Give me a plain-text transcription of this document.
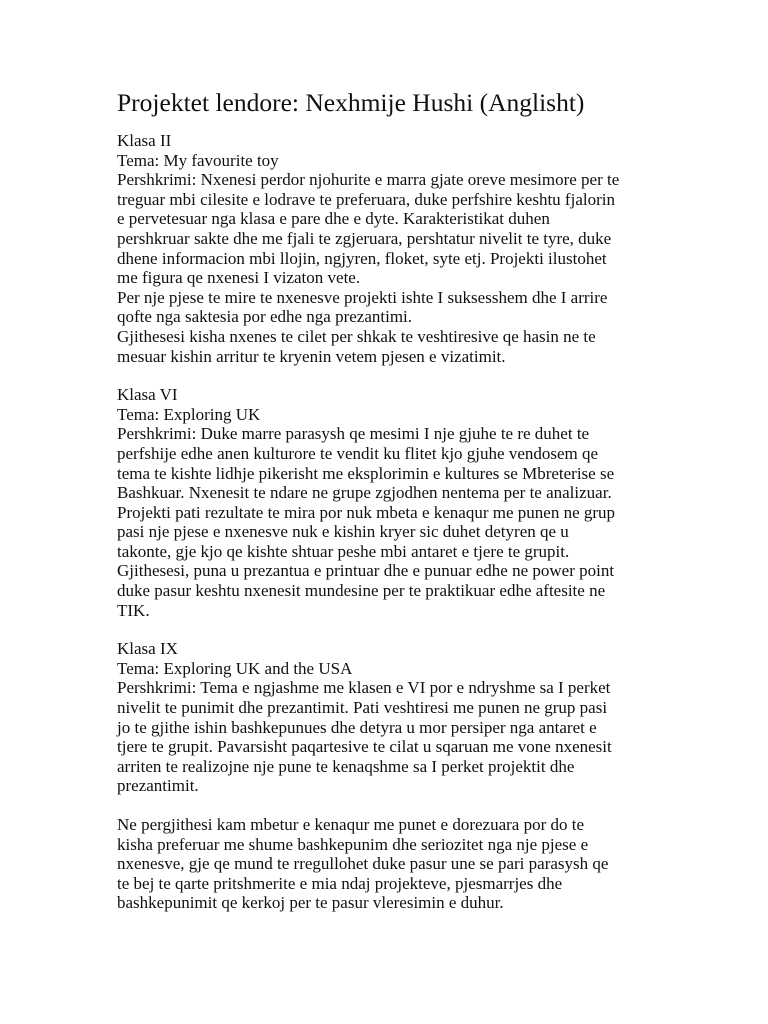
Projektet lendore: Nexhmije Hushi (Anglisht)

Klasa II

Tema: My favourite toy

Pershkrimi: Nxenesi perdor njohurite e marra gjate oreve mesimore per te

treguar mbi cilesite e lodrave te preferuara, duke perfshire keshtu fjalorin

e pervetesuar nga klasa e pare dhe e dyte. Karakteristikat duhen

pershkruar sakte dhe me fjali te zgjeruara, pershtatur nivelit te tyre, duke

dhene informacion mbi llojin, ngjyren, floket, syte etj. Projekti ilustohet

me figura qe nxenesi I vizaton vete.

Per nje pjese te mire te nxenesvе projekti ishte I suksesshem dhe I arrire

qofte nga saktesia por edhe nga prezantimi.

Gjithesesi kisha nxenes te cilet per shkak te veshtiresive qe hasin ne te

mesuar kishin arritur te kryenin vetem pjesen e vizatimit.

Klasa VI

Tema: Exploring UK

Pershkrimi: Duke marre parasysh qe mesimi I nje gjuhe te re duhet te

perfshije edhe anen kulturore te vendit ku flitet kjo gjuhe vendosem qe

tema te kishte lidhje pikerisht me eksplorimin e kultures se Mbreterise se

Bashkuar. Nxenesit te ndare ne grupe zgjodhen nentema per te analizuar.

Projekti pati rezultate te mira por nuk mbeta e kenaqur me punen ne grup

pasi nje pjese e nxenesve nuk e kishin kryer sic duhet detyren qe u

takonte, gje kjo qe kishte shtuar peshe mbi antaret e tjere te grupit.

Gjithesesi, puna u prezantua e printuar dhe e punuar edhe ne power point

duke pasur keshtu nxenesit mundesine per te praktikuar edhe aftesite ne

TIK.

Klasa IX

Tema: Exploring UK and the USA

Pershkrimi: Tema e ngjashme me klasen e VI por e ndryshme sa I perket

nivelit te punimit dhe prezantimit. Pati veshtiresi me punen ne grup pasi

jo te gjithe ishin bashkepunues dhe detyra u mor persiper nga antaret e

tjere te grupit. Pavarsisht paqartesive te cilat u sqaruan me vone nxenesit

arriten te realizojne nje pune te kenaqshme sa I perket projektit dhe

prezantimit.

Ne pergjithesi kam mbetur e kenaqur me punet e dorezuara por do te

kisha preferuar me shume bashkepunim dhe seriozitet nga nje pjese e

nxenesve, gje qe mund te rregullohet duke pasur une se pari parasysh qe

te bej te qarte pritshmerite e mia ndaj projekteve, pjesmarrjes dhe

bashkepunimit qe kerkoj per te pasur vleresimin e duhur.
